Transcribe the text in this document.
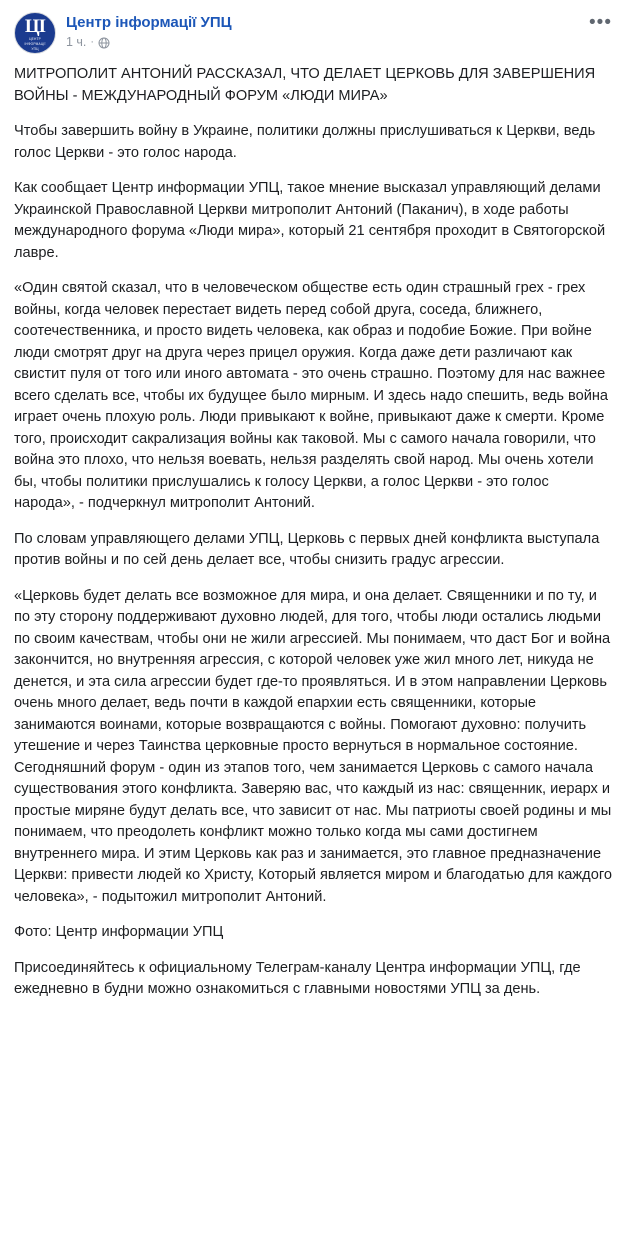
ЦІ
ЦЕНТР
ІНФОРМАЦІЇ
УПЦ
Центр інформації УПЦ
1 ч. ·
•••

МИТРОПОЛИТ АНТОНИЙ РАССКАЗАЛ, ЧТО ДЕЛАЕТ ЦЕРКОВЬ ДЛЯ ЗАВЕРШЕНИЯ ВОЙНЫ - МЕЖДУНАРОДНЫЙ ФОРУМ «ЛЮДИ МИРА»

Чтобы завершить войну в Украине, политики должны прислушиваться к Церкви, ведь голос Церкви - это голос народа.

Как сообщает Центр информации УПЦ, такое мнение высказал управляющий делами Украинской Православной Церкви митрополит Антоний (Паканич), в ходе работы международного форума «Люди мира», который 21 сентября проходит в Святогорской лавре.

«Один святой сказал, что в человеческом обществе есть один страшный грех - грех войны, когда человек перестает видеть перед собой друга, соседа, ближнего, соотечественника, и просто видеть человека, как образ и подобие Божие. При войне люди смотрят друг на друга через прицел оружия. Когда даже дети различают как свистит пуля от того или иного автомата - это очень страшно. Поэтому для нас важнее всего сделать все, чтобы их будущее было мирным. И здесь надо спешить, ведь война играет очень плохую роль. Люди привыкают к войне, привыкают даже к смерти. Кроме того, происходит сакрализация войны как таковой. Мы с самого начала говорили, что война это плохо, что нельзя воевать, нельзя разделять свой народ. Мы очень хотели бы, чтобы политики прислушались к голосу Церкви, а голос Церкви - это голос народа», - подчеркнул митрополит Антоний.

По словам управляющего делами УПЦ, Церковь с первых дней конфликта выступала против войны и по сей день делает все, чтобы снизить градус агрессии.

«Церковь будет делать все возможное для мира, и она делает. Священники и по ту, и по эту сторону поддерживают духовно людей, для того, чтобы люди остались людьми по своим качествам, чтобы они не жили агрессией. Мы понимаем, что даст Бог и война закончится, но внутренняя агрессия, с которой человек уже жил много лет, никуда не денется, и эта сила агрессии будет где-то проявляться. И в этом направлении Церковь очень много делает, ведь почти в каждой епархии есть священники, которые занимаются воинами, которые возвращаются с войны. Помогают духовно: получить утешение и через Таинства церковные просто вернуться в нормальное состояние. Сегодняшний форум - один из этапов того, чем занимается Церковь с самого начала существования этого конфликта. Заверяю вас, что каждый из нас: священник, иерарх и простые миряне будут делать все, что зависит от нас. Мы патриоты своей родины и мы понимаем, что преодолеть конфликт можно только когда мы сами достигнем внутреннего мира. И этим Церковь как раз и занимается, это главное предназначение Церкви: привести людей ко Христу, Который является миром и благодатью для каждого человека», - подытожил митрополит Антоний.

Фото: Центр информации УПЦ

Присоединяйтесь к официальному Телеграм-каналу Центра информации УПЦ, где ежедневно в будни можно ознакомиться с главными новостями УПЦ за день.
